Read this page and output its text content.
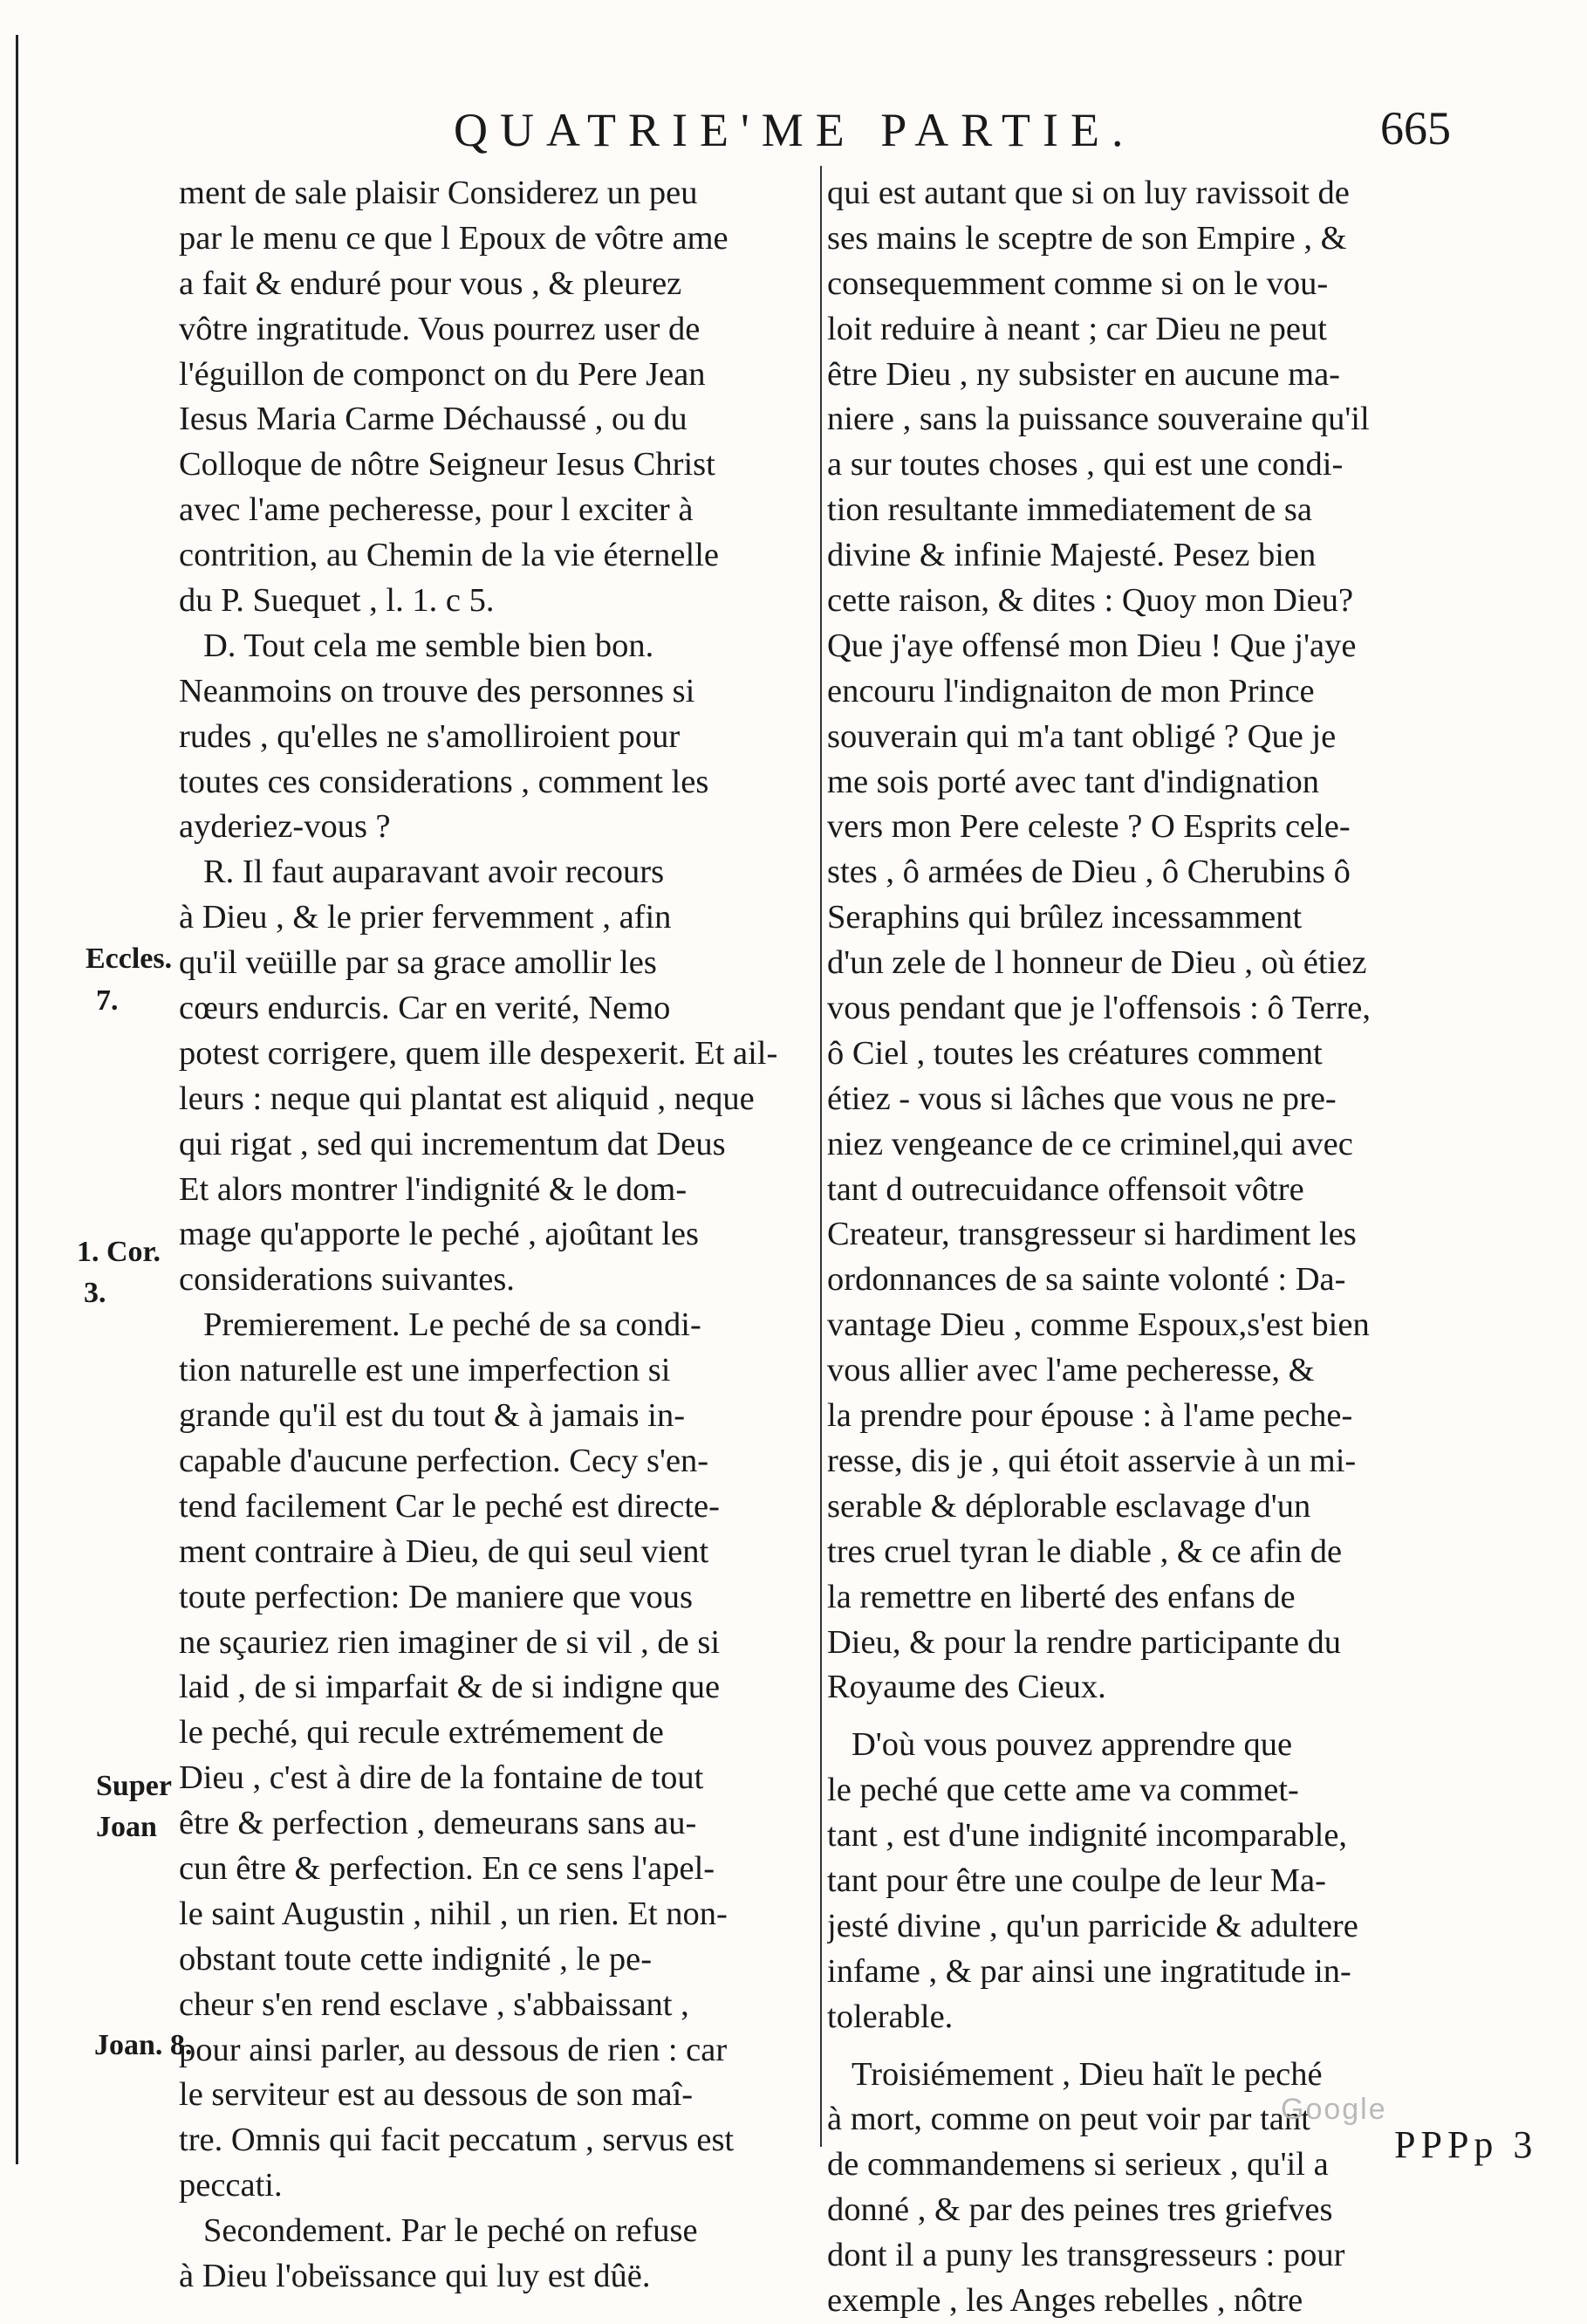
QUATRIE'ME PARTIE.	665
ment de sale plaisir Considerez un peu
par le menu ce que l Epoux de vôtre ame
a fait & enduré pour vous , & pleurez
vôtre ingratitude. Vous pourrez user de
l'éguillon de componct on du Pere Jean
Iesus Maria Carme Déchaussé , ou du
Colloque de nôtre Seigneur Iesus Christ
avec l'ame pecheresse, pour l exciter à
contrition, au Chemin de la vie éternelle
du P. Suequet , l. 1. c 5.
D. Tout cela me semble bien bon.
Neanmoins on trouve des personnes si
rudes , qu'elles ne s'amolliroient pour
toutes ces considerations , comment les
ayderiez-vous ?
R. Il faut auparavant avoir recours
à Dieu , & le prier fervemment , afin
qu'il veüille par sa grace amollir les
cœurs endurcis. Car en verité, Nemo
potest corrigere, quem ille despexerit. Et ail-
leurs : neque qui plantat est aliquid , neque
qui rigat , sed qui incrementum dat Deus
Et alors montrer l'indignité & le dom-
mage qu'apporte le peché , ajoûtant les
considerations suivantes.
Premierement. Le peché de sa condi-
tion naturelle est une imperfection si
grande qu'il est du tout & à jamais in-
capable d'aucune perfection. Cecy s'en-
tend facilement Car le peché est directe-
ment contraire à Dieu, de qui seul vient
toute perfection: De maniere que vous
ne sçauriez rien imaginer de si vil , de si
laid , de si imparfait & de si indigne que
le peché, qui recule extrémement de
Dieu , c'est à dire de la fontaine de tout
être & perfection , demeurans sans au-
cun être & perfection. En ce sens l'apel-
le saint Augustin , nihil , un rien. Et non-
obstant toute cette indignité , le pe-
cheur s'en rend esclave , s'abbaissant ,
pour ainsi parler, au dessous de rien : car
le serviteur est au dessous de son maî-
tre. Omnis qui facit peccatum , servus est
peccati.
Secondement. Par le peché on refuse
à Dieu l'obeïssance qui luy est dûë.
qui est autant que si on luy ravissoit de
ses mains le sceptre de son Empire , &
consequemment comme si on le vou-
loit reduire à neant ; car Dieu ne peut
être Dieu , ny subsister en aucune ma-
niere , sans la puissance souveraine qu'il
a sur toutes choses , qui est une condi-
tion resultante immediatement de sa
divine & infinie Majesté. Pesez bien
cette raison, & dites : Quoy mon Dieu?
Que j'aye offensé mon Dieu ! Que j'aye
encouru l'indignaiton de mon Prince
souverain qui m'a tant obligé ? Que je
me sois porté avec tant d'indignation
vers mon Pere celeste ? O Esprits cele-
stes , ô armées de Dieu , ô Cherubins ô
Seraphins qui brûlez incessamment
d'un zele de l honneur de Dieu , où étiez
vous pendant que je l'offensois : ô Terre,
ô Ciel , toutes les créatures comment
étiez - vous si lâches que vous ne pre-
niez vengeance de ce criminel,qui avec
tant d outrecuidance offensoit vôtre
Createur, transgresseur si hardiment les
ordonnances de sa sainte volonté : Da-
vantage Dieu , comme Espoux,s'est bien
vous allier avec l'ame pecheresse, &
la prendre pour épouse : à l'ame peche-
resse, dis je , qui étoit asservie à un mi-
serable & déplorable esclavage d'un
tres cruel tyran le diable , & ce afin de
la remettre en liberté des enfans de
Dieu, & pour la rendre participante du
Royaume des Cieux.
D'où vous pouvez apprendre que
le peché que cette ame va commet-
tant , est d'une indignité incomparable,
tant pour être une coulpe de leur Ma-
jesté divine , qu'un parricide & adultere
infame , & par ainsi une ingratitude in-
tolerable.
Troisiémement , Dieu haït le peché
à mort, comme on peut voir par tant
de commandemens si serieux , qu'il a
donné , & par des peines tres griefves
dont il a puny les transgresseurs : pour
exemple , les Anges rebelles , nôtre
Eccles.
7.
1. Cor.
3.
Super
Joan
Joan. 8.
Google
PPPp 3
